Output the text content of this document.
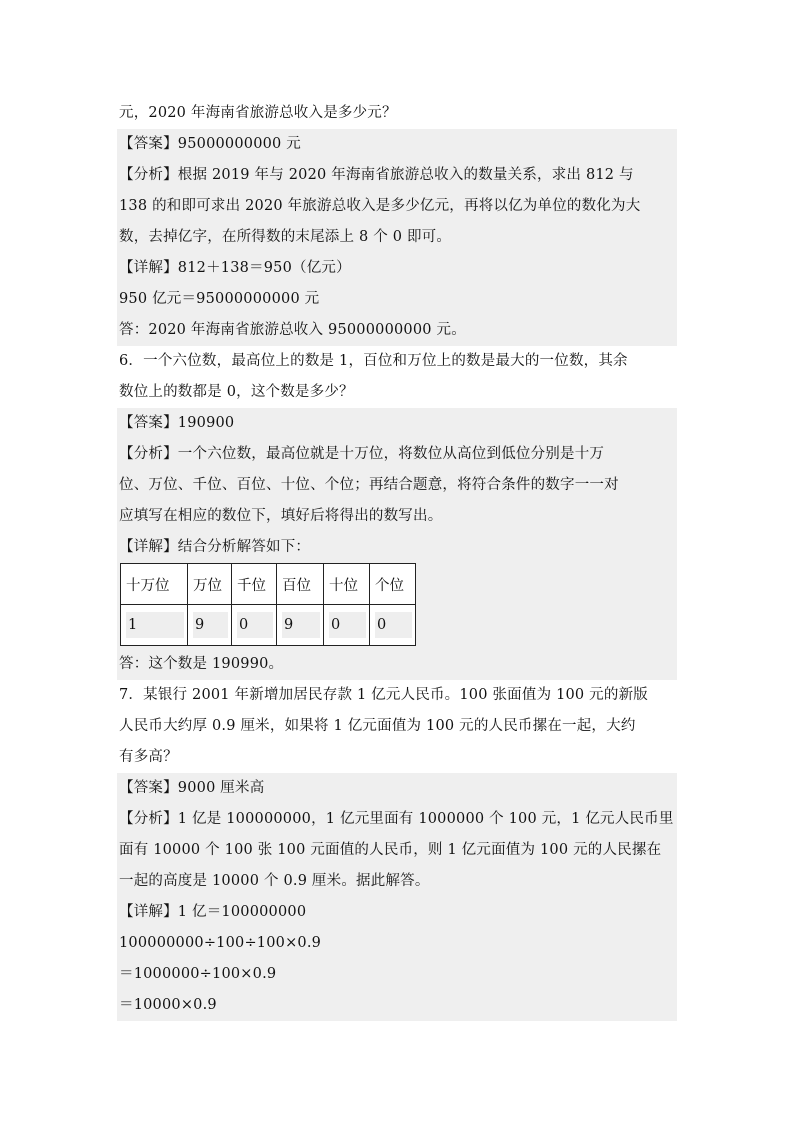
元，2020 年海南省旅游总收入是多少元？
【答案】95000000000 元
【分析】根据 2019 年与 2020 年海南省旅游总收入的数量关系，求出 812 与
138 的和即可求出 2020 年旅游总收入是多少亿元，再将以亿为单位的数化为大
数，去掉亿字，在所得数的末尾添上 8 个 0 即可。
【详解】812＋138＝950（亿元）
950 亿元＝95000000000 元
答：2020 年海南省旅游总收入 95000000000 元。
6．一个六位数，最高位上的数是 1，百位和万位上的数是最大的一位数，其余
数位上的数都是 0，这个数是多少？
【答案】190900
【分析】一个六位数，最高位就是十万位，将数位从高位到低位分别是十万
位、万位、千位、百位、十位、个位；再结合题意，将符合条件的数字一一对
应填写在相应的数位下，填好后将得出的数写出。
【详解】结合分析解答如下：
十万位	万位	千位	百位	十位	个位
1	9	0	9	0	0
答：这个数是 190990。
7．某银行 2001 年新增加居民存款 1 亿元人民币。100 张面值为 100 元的新版
人民币大约厚 0.9 厘米，如果将 1 亿元面值为 100 元的人民币摞在一起，大约
有多高？
【答案】9000 厘米高
【分析】1 亿是 100000000，1 亿元里面有 1000000 个 100 元，1 亿元人民币里
面有 10000 个 100 张 100 元面值的人民币，则 1 亿元面值为 100 元的人民摞在
一起的高度是 10000 个 0.9 厘米。据此解答。
【详解】1 亿＝100000000
100000000÷100÷100×0.9
＝1000000÷100×0.9
＝10000×0.9
